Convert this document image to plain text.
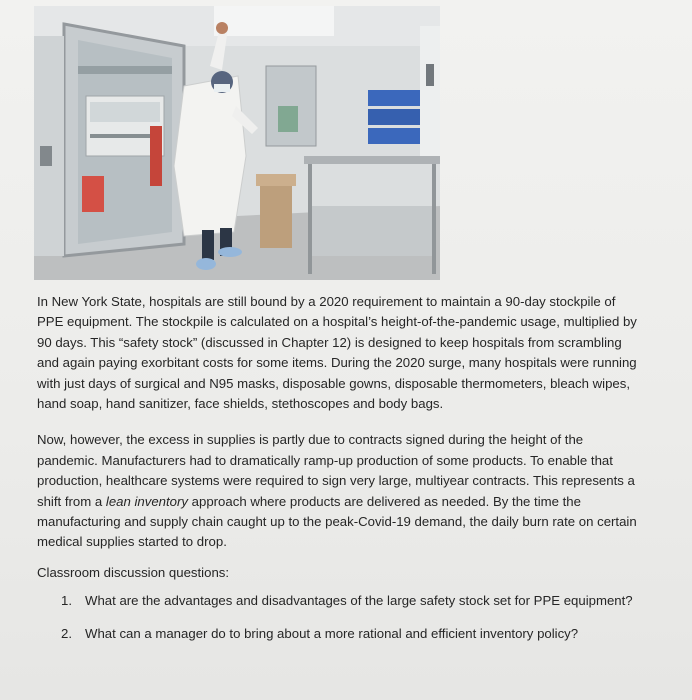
In New York State, hospitals are still bound by a 2020 requirement to maintain a 90-day stockpile of PPE equipment. The stockpile is calculated on a hospital’s height-of-the-pandemic usage, multiplied by 90 days. This “safety stock” (discussed in Chapter 12) is designed to keep hospitals from scrambling and again paying exorbitant costs for some items. During the 2020 surge, many hospitals were running with just days of surgical and N95 masks, disposable gowns, disposable thermometers, bleach wipes, hand soap, hand sanitizer, face shields, stethoscopes and body bags.

Now, however, the excess in supplies is partly due to contracts signed during the height of the pandemic. Manufacturers had to dramatically ramp-up production of some products. To enable that production, healthcare systems were required to sign very large, multiyear contracts. This represents a shift from a lean inventory approach where products are delivered as needed. By the time the manufacturing and supply chain caught up to the peak-Covid-19 demand, the daily burn rate on certain medical supplies started to drop.

Classroom discussion questions:

1. What are the advantages and disadvantages of the large safety stock set for PPE equipment?
2. What can a manager do to bring about a more rational and efficient inventory policy?
